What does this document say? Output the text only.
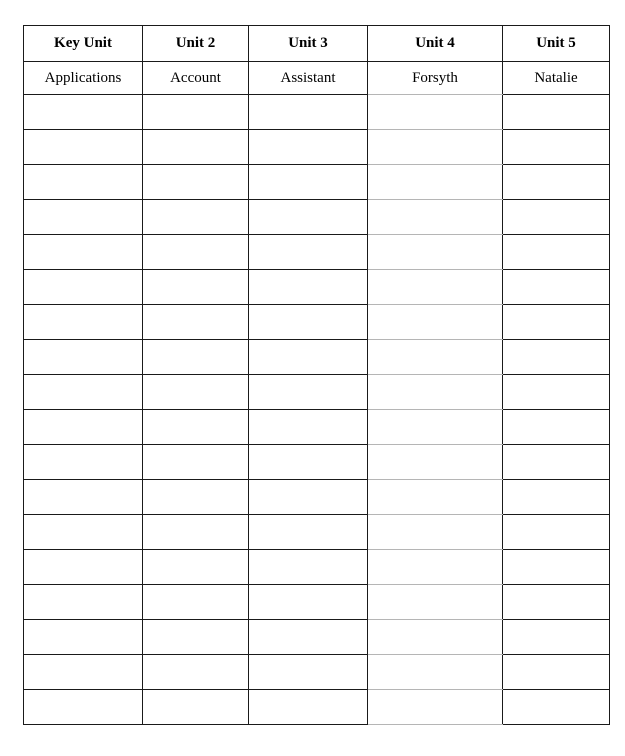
Key Unit	Unit 2	Unit 3	Unit 4	Unit 5
Applications	Account	Assistant	Forsyth	Natalie
